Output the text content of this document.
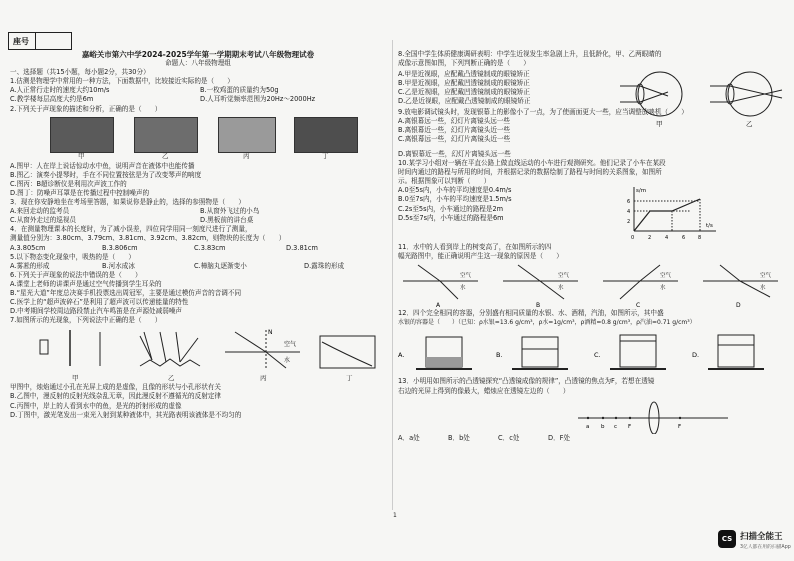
座号
嘉峪关市第六中学2024-2025学年第一学期期末考试八年级物理试卷
命题人：八年级物理组
一、选择题（共15小题，每小题2分，共30分）
1.估测是物理学中常用的一种方法，下面数据中，比较接近实际的是（　　）
A.人正常行走时的速度大约10m/s	B.一枚鸡蛋的质量约为50g
C.教学楼每层高度大约是6m	D.人耳听觉频率范围为20Hz～2000Hz
2.下列关于声现象的描述和分析，正确的是（　　）
甲	乙	丙	丁
A.图甲：人在岸上说话惊动水中鱼，说明声音在液体中也能传播
B.图乙：演奏小提琴时，手在不同位置按弦是为了改变琴声的响度
C.图丙：B超诊断仪是利用次声波工作的
D.图丁：防噪声耳罩是在传播过程中控制噪声的
3．现在你安静地坐在考场里答题，如果说你是静止的，选择的参照物是（　　）
A.来回走动的监考员	B.从窗外飞过的小鸟
C.从窗外走过的巡视员	D.黑板前的讲台桌
4．在测量物理课本的长度时，为了减小误差，四位同学用同一刻度尺进行了测量，
测量值分别为：3.80cm、3.79cm、3.81cm、3.92cm、3.82cm，则物块的长度为（　　）
A.3.805cm	B.3.806cm	C.3.83cm	D.3.81cm
5.以下物态变化现象中，吸热的是（　　）
A.雾凇的形成	B.河水成冰	C.樟脑丸逐渐变小	D.露珠的形成
6.下列关于声现象的说法中错误的是（　　）
A.课堂上老师的讲课声是通过空气传播到学生耳朵的
B.“星光大道”年度总决赛手机投票选出周冠军，主要是通过模仿声音的音调不同
C.医学上的“超声波碎石”是利用了超声波可以传递能量的特性
D.中考期间学校周边路段禁止汽车鸣笛是在声源处减弱噪声
7.如图所示的光现象，下列说法中正确的是（　　）
空气
水
N
甲	乙	丙	丁
甲图中，烛焰通过小孔在光屏上成的是虚像，且像的形状与小孔形状有关
B.乙图中，漫反射的反射光线杂乱无章，因此漫反射不遵循光的反射定律
C.丙图中，岸上的人看到水中的鱼，是光的折射形成的虚像
D.丁图中，激光笔发出一束光入射到某种液体中，其光路表明该液体是不均匀的
8.全国中学生体质健康调研表明：中学生近视发生率急剧上升，且低龄化，甲、乙两眼睛的
成像示意图如图，下列判断正确的是（　　）
A.甲是近视眼，应配戴凸透镜制成的眼镜矫正
B.甲是近视眼，应配戴凹透镜制成的眼镜矫正
C.乙是近视眼，应配戴凹透镜制成的眼镜矫正
D.乙是近视眼，应配戴凸透镜制成的眼镜矫正
甲	乙
9.放电影调试镜头时，发现银幕上的影像小了一点，为了使画面更大一些，应当调整放映机（　　）
A.离银幕远一些，幻灯片离镜头远一些
B.离银幕近一些，幻灯片离镜头近一些
C.离银幕远一些，幻灯片离镜头近一些
D.离银幕近一些，幻灯片离镜头远一些
10.某学习小组对一辆在平直公路上做直线运动的小车进行观测研究。他们记录了小车在某段
时间内通过的路程与所用的时间，并根据记录的数据绘制了路程与时间的关系图象，如图所
示。根据图象可以判断（　　）
A.0至5s内，小车的平均速度是0.4m/s
B.0至7s内，小车的平均速度是1.5m/s
C.2s至5s内，小车通过的路程是2m
D.5s至7s内，小车通过的路程是6m
s/m
t/s
6
4
2
0	2	4	6	8
11．水中的人看到岸上的树变高了，在如图所示的四
幅光路图中，能正确说明产生这一现象的原因是（　　）
空气
水
A
空气
水
B
空气
水
C
空气
水
D
12．四个完全相同的容器，分别盛有相同质量的水银、水、酒精，汽油，如图所示，其中盛
水银的容器是（　　）（已知：ρ水银=13.6 g/cm³，ρ水=1g/cm³，ρ酒精=0.8 g/cm³，ρ汽油=0.71 g/cm³）
A.	B.	C.	D.
13．小明用如图所示的凸透镜探究“凸透镜成像的规律”，凸透镜的焦点为F，若想在透镜
右边的光屏上得到的像最大，蜡烛应在透镜左边的（　　）
a b c F	F
A．a处	B．b处	C．c处	D．F处
1
CS 扫描全能王
3亿人都在用的扫描App
